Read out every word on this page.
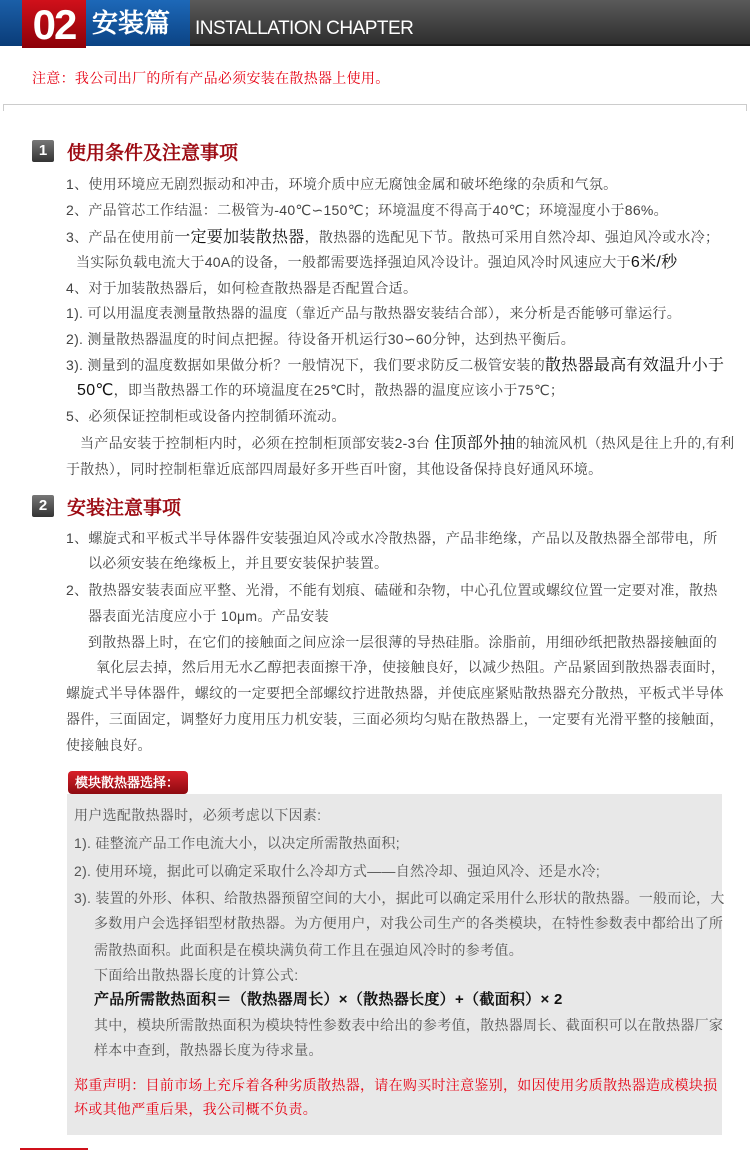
02 安装篇	INSTALLATION CHAPTER
注意：我公司出厂的所有产品必须安装在散热器上使用。
1	使用条件及注意事项
1、使用环境应无剧烈振动和冲击，环境介质中应无腐蚀金属和破坏绝缘的杂质和气氛。
2、产品管芯工作结温：二极管为-40℃∽150℃；环境温度不得高于40℃；环境湿度小于86%。
3、产品在使用前一定要加装散热器，散热器的选配见下节。散热可采用自然冷却、强迫风冷或水冷；
当实际负载电流大于40A的设备，一般都需要选择强迫风冷设计。强迫风冷时风速应大于6米/秒
4、对于加装散热器后，如何检查散热器是否配置合适。
1). 可以用温度表测量散热器的温度（靠近产品与散热器安装结合部），来分析是否能够可靠运行。
2). 测量散热器温度的时间点把握。待设备开机运行30∽60分钟，达到热平衡后。
3). 测量到的温度数据如果做分析？一般情况下，我们要求防反二极管安装的散热器最高有效温升小于
50℃，即当散热器工作的环境温度在25℃时，散热器的温度应该小于75℃；
5、必须保证控制柜或设备内控制循环流动。
当产品安装于控制柜内时，必须在控制柜顶部安装2-3台 住顶部外抽的轴流风机（热风是往上升的,有利
于散热），同时控制柜靠近底部四周最好多开些百叶窗，其他设备保持良好通风环境。
2	安装注意事项
1、螺旋式和平板式半导体器件安装强迫风冷或水冷散热器，产品非绝缘，产品以及散热器全部带电，所
以必须安装在绝缘板上，并且要安装保护装置。
2、散热器安装表面应平整、光滑，不能有划痕、磕碰和杂物，中心孔位置或螺纹位置一定要对准，散热
器表面光洁度应小于 10μm。产品安装
到散热器上时，在它们的接触面之间应涂一层很薄的导热硅脂。涂脂前，用细砂纸把散热器接触面的
氧化层去掉，然后用无水乙醇把表面擦干净，使接触良好，以减少热阻。产品紧固到散热器表面时，
螺旋式半导体器件，螺纹的一定要把全部螺纹拧进散热器，并使底座紧贴散热器充分散热，平板式半导体
器件，三面固定，调整好力度用压力机安装，三面必须均匀贴在散热器上，一定要有光滑平整的接触面，
使接触良好。
模块散热器选择：
用户选配散热器时，必须考虑以下因素:
1). 硅整流产品工作电流大小，以决定所需散热面积;
2). 使用环境，据此可以确定采取什么冷却方式——自然冷却、强迫风冷、还是水冷;
3). 装置的外形、体积、给散热器预留空间的大小，据此可以确定采用什么形状的散热器。一般而论，大
多数用户会选择铝型材散热器。为方便用户，对我公司生产的各类模块，在特性参数表中都给出了所
需散热面积。此面积是在模块满负荷工作且在强迫风冷时的参考值。
下面给出散热器长度的计算公式:
产品所需散热面积＝（散热器周长）×（散热器长度）+（截面积）× 2
其中，模块所需散热面积为模块特性参数表中给出的参考值，散热器周长、截面积可以在散热器厂家
样本中查到，散热器长度为待求量。
郑重声明：目前市场上充斥着各种劣质散热器，请在购买时注意鉴别，如因使用劣质散热器造成模块损
坏或其他严重后果，我公司概不负责。
